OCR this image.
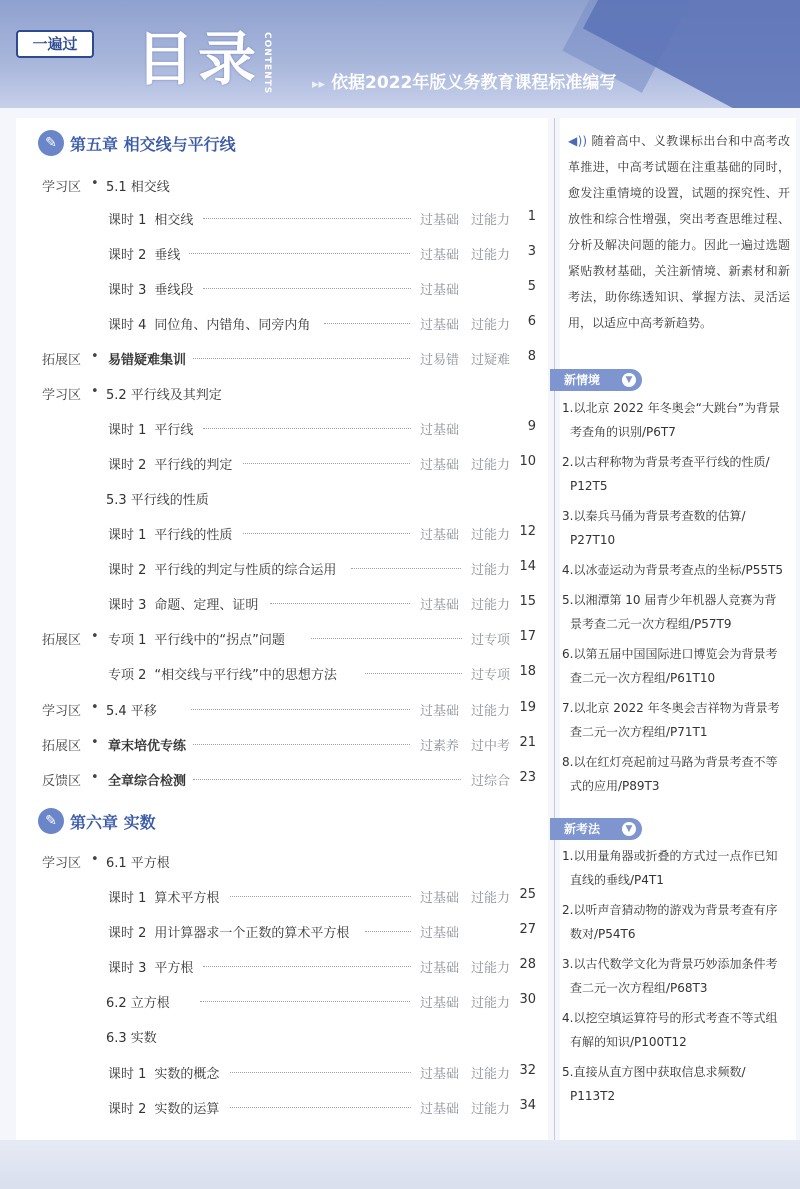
一遍过 目录 CONTENTS	▸▸ 依据2022年版义务教育课程标准编写
✎ 第五章 相交线与平行线
✎ 第六章 实数
学习区 • 5.1 相交线
课时 1 相交线	过基础 过能力	1
课时 2 垂线	过基础 过能力	3
课时 3 垂线段	过基础	5
课时 4 同位角、内错角、同旁内角	过基础 过能力	6
拓展区 • 易错疑难集训	过易错 过疑难	8
学习区 • 5.2 平行线及其判定
课时 1 平行线	过基础	9
课时 2 平行线的判定	过基础 过能力 10
5.3 平行线的性质
课时 1 平行线的性质	过基础 过能力 12
课时 2 平行线的判定与性质的综合运用	过能力 14
课时 3 命题、定理、证明	过基础 过能力 15
拓展区 • 专项 1 平行线中的“拐点”问题	过专项 17
专项 2 “相交线与平行线”中的思想方法	过专项 18
学习区 • 5.4 平移	过基础 过能力 19
拓展区 • 章末培优专练	过素养 过中考 21
反馈区 • 全章综合检测	过综合 23
学习区 • 6.1 平方根
课时 1 算术平方根	过基础 过能力 25
课时 2 用计算器求一个正数的算术平方根	过基础	27
课时 3 平方根	过基础 过能力 28
6.2 立方根	过基础 过能力 30
6.3 实数
课时 1 实数的概念	过基础 过能力 32
课时 2 实数的运算	过基础 过能力 34
◀)) 随着高中、义教课标出台和中高考改革推进，中高考试题在注重基础的同时，愈发注重情境的设置，试题的探究性、开放性和综合性增强，突出考查思维过程、分析及解决问题的能力。因此一遍过选题紧贴教材基础，关注新情境、新素材和新考法，助你练透知识、掌握方法、灵活运用，以适应中高考新趋势。
新情境	▼
1.以北京 2022 年冬奥会“大跳台”为背景
考查角的识别/P6T7
2.以古秤称物为背景考查平行线的性质/
P12T5
3.以秦兵马俑为背景考查数的估算/
P27T10
4.以冰壶运动为背景考查点的坐标/P55T5
5.以湘潭第 10 届青少年机器人竞赛为背
景考查二元一次方程组/P57T9
6.以第五届中国国际进口博览会为背景考
查二元一次方程组/P61T10
7.以北京 2022 年冬奥会吉祥物为背景考
查二元一次方程组/P71T1
8.以在红灯亮起前过马路为背景考查不等
式的应用/P89T3
新考法	▼
1.以用量角器或折叠的方式过一点作已知
直线的垂线/P4T1
2.以听声音猜动物的游戏为背景考查有序
数对/P54T6
3.以古代数学文化为背景巧妙添加条件考
查二元一次方程组/P68T3
4.以挖空填运算符号的形式考查不等式组
有解的知识/P100T12
5.直接从直方图中获取信息求频数/
P113T2
